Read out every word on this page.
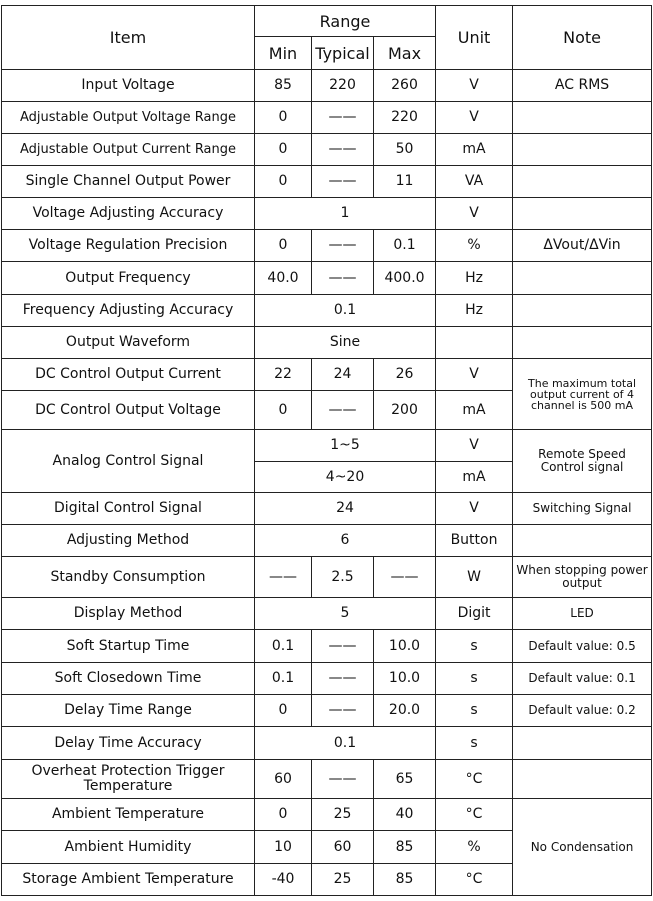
Item	Range			Unit	Note
	Min	Typical	Max		
Input Voltage	85	220	260	V	AC RMS
Adjustable Output Voltage Range	0	——	220	V	
Adjustable Output Current Range	0	——	50	mA	
Single Channel Output Power	0	——	11	VA	
Voltage Adjusting Accuracy	1			V	
Voltage Regulation Precision	0	——	0.1	%	ΔVout/ΔVin
Output Frequency	40.0	——	400.0	Hz	
Frequency Adjusting Accuracy	0.1			Hz	
Output Waveform	Sine				
DC Control Output Current	22	24	26	V	The maximum total output current of 4 channel is 500 mA
DC Control Output Voltage	0	——	200	mA	
Analog Control Signal	1~5			V	Remote Speed Control signal
	4~20			mA	
Digital Control Signal	24			V	Switching Signal
Adjusting Method	6			Button	
Standby Consumption	——	2.5	——	W	When stopping power output
Display Method	5			Digit	LED
Soft Startup Time	0.1	——	10.0	s	Default value: 0.5
Soft Closedown Time	0.1	——	10.0	s	Default value: 0.1
Delay Time Range	0	——	20.0	s	Default value: 0.2
Delay Time Accuracy	0.1			s	
Overheat Protection Trigger Temperature	60	——	65	°C	
Ambient Temperature	0	25	40	°C	No Condensation
Ambient Humidity	10	60	85	%	
Storage Ambient Temperature	-40	25	85	°C	
